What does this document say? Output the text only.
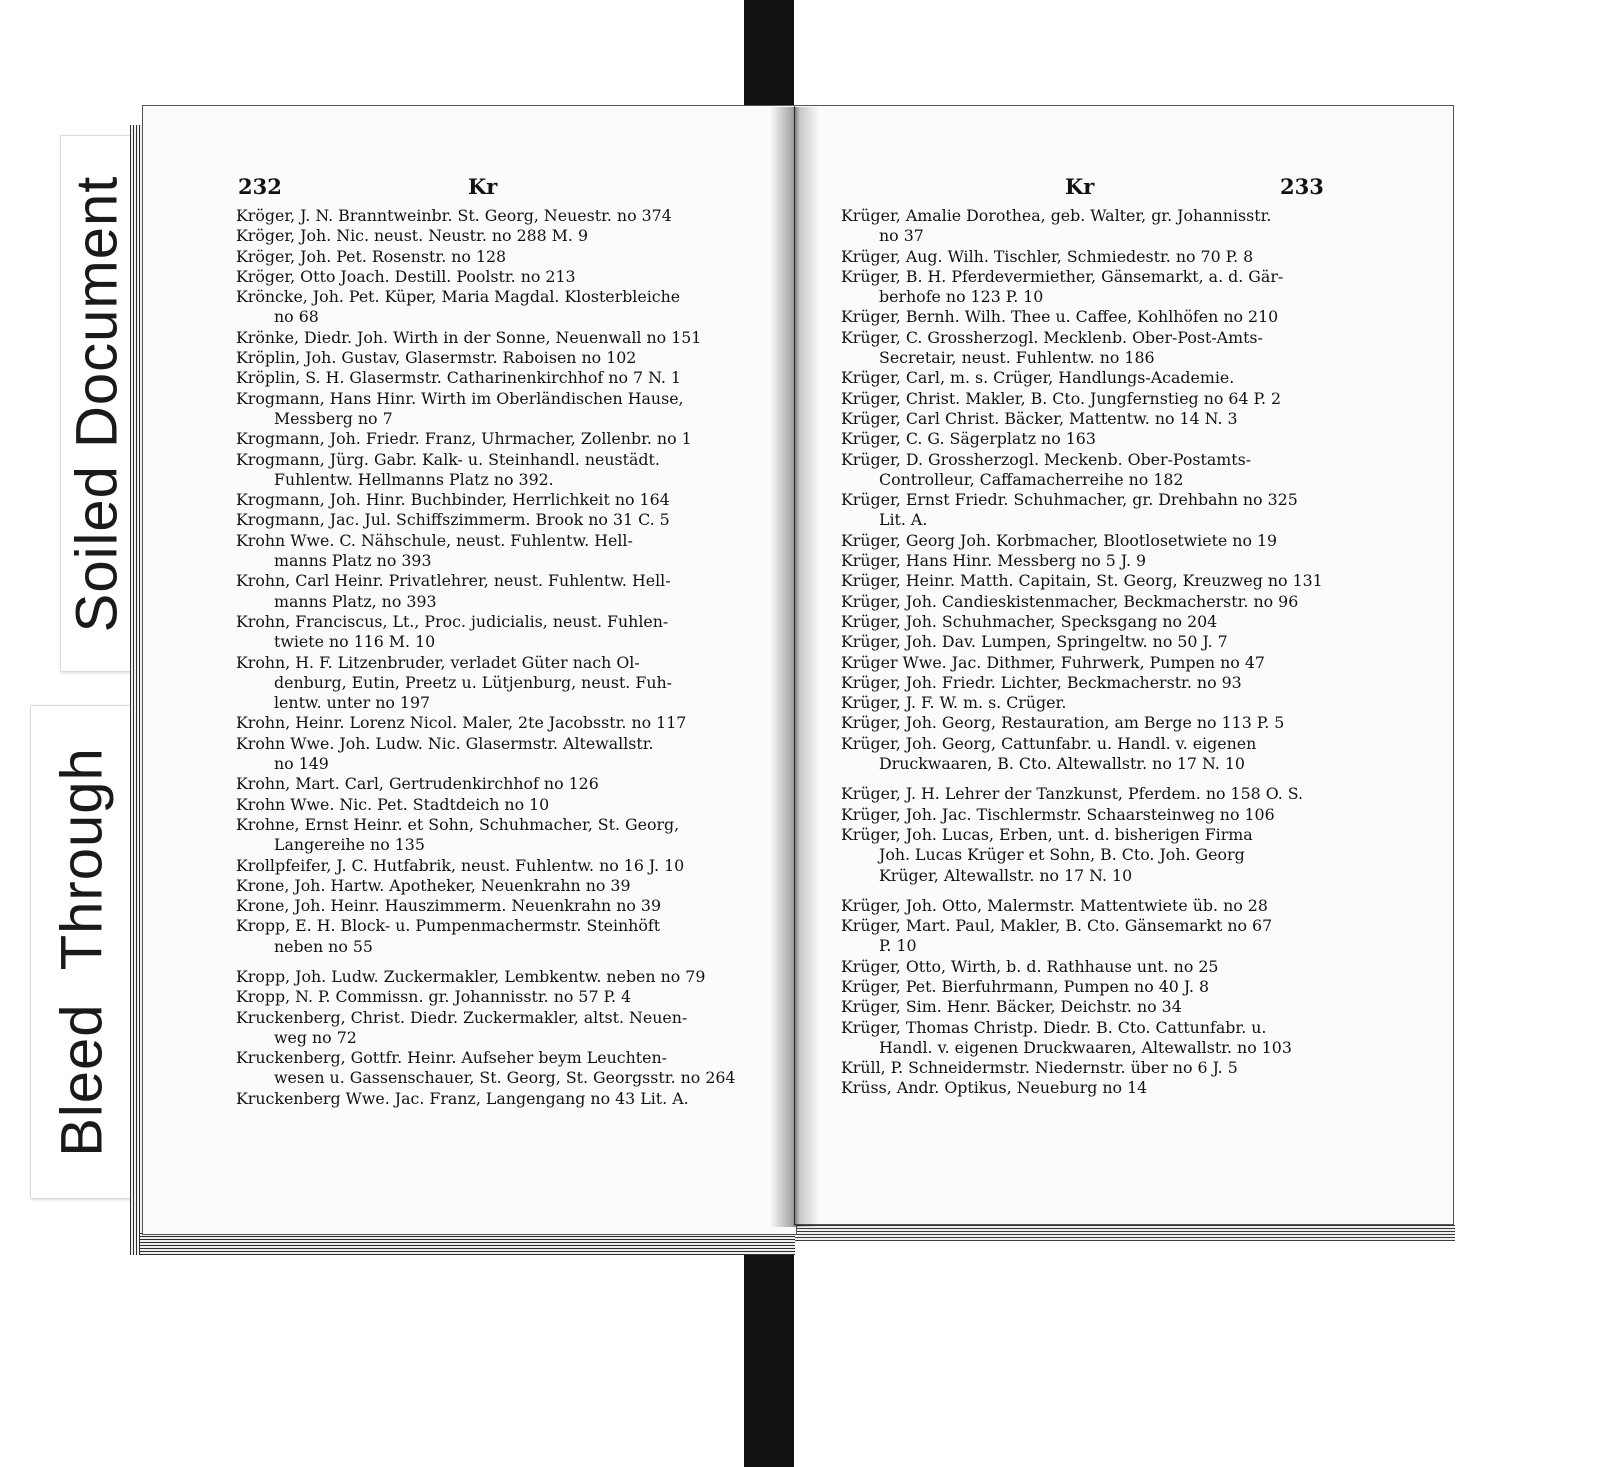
Soiled Document
Bleed  Through
232	Kr
Kröger, J. N. Branntweinbr. St. Georg, Neuestr. no 374
Kröger, Joh. Nic. neust. Neustr. no 288 M. 9
Kröger, Joh. Pet. Rosenstr. no 128
Kröger, Otto Joach. Destill. Poolstr. no 213
Kröncke, Joh. Pet. Küper, Maria Magdal. Klosterbleiche
no 68
Krönke, Diedr. Joh. Wirth in der Sonne, Neuenwall no 151
Kröplin, Joh. Gustav, Glasermstr. Raboisen no 102
Kröplin, S. H. Glasermstr. Catharinenkirchhof no 7 N. 1
Krogmann, Hans Hinr. Wirth im Oberländischen Hause,
Messberg no 7
Krogmann, Joh. Friedr. Franz, Uhrmacher, Zollenbr. no 1
Krogmann, Jürg. Gabr. Kalk- u. Steinhandl. neustädt.
Fuhlentw. Hellmanns Platz no 392.
Krogmann, Joh. Hinr. Buchbinder, Herrlichkeit no 164
Krogmann, Jac. Jul. Schiffszimmerm. Brook no 31 C. 5
Krohn Wwe. C. Nähschule, neust. Fuhlentw. Hell-
manns Platz no 393
Krohn, Carl Heinr. Privatlehrer, neust. Fuhlentw. Hell-
manns Platz, no 393
Krohn, Franciscus, Lt., Proc. judicialis, neust. Fuhlen-
twiete no 116 M. 10
Krohn, H. F. Litzenbruder, verladet Güter nach Ol-
denburg, Eutin, Preetz u. Lütjenburg, neust. Fuh-
lentw. unter no 197
Krohn, Heinr. Lorenz Nicol. Maler, 2te Jacobsstr. no 117
Krohn Wwe. Joh. Ludw. Nic. Glasermstr. Altewallstr.
no 149
Krohn, Mart. Carl, Gertrudenkirchhof no 126
Krohn Wwe. Nic. Pet. Stadtdeich no 10
Krohne, Ernst Heinr. et Sohn, Schuhmacher, St. Georg,
Langereihe no 135
Krollpfeifer, J. C. Hutfabrik, neust. Fuhlentw. no 16 J. 10
Krone, Joh. Hartw. Apotheker, Neuenkrahn no 39
Krone, Joh. Heinr. Hauszimmerm. Neuenkrahn no 39
Kropp, E. H. Block- u. Pumpenmachermstr. Steinhöft
neben no 55
Kropp, Joh. Ludw. Zuckermakler, Lembkentw. neben no 79
Kropp, N. P. Commissn. gr. Johannisstr. no 57 P. 4
Kruckenberg, Christ. Diedr. Zuckermakler, altst. Neuen-
weg no 72
Kruckenberg, Gottfr. Heinr. Aufseher beym Leuchten-
wesen u. Gassenschauer, St. Georg, St. Georgsstr. no 264
Kruckenberg Wwe. Jac. Franz, Langengang no 43 Lit. A.
Kr	233
Krüger, Amalie Dorothea, geb. Walter, gr. Johannisstr.
no 37
Krüger, Aug. Wilh. Tischler, Schmiedestr. no 70 P. 8
Krüger, B. H. Pferdevermiether, Gänsemarkt, a. d. Gär-
berhofe no 123 P. 10
Krüger, Bernh. Wilh. Thee u. Caffee, Kohlhöfen no 210
Krüger, C. Grossherzogl. Mecklenb. Ober-Post-Amts-
Secretair, neust. Fuhlentw. no 186
Krüger, Carl, m. s. Crüger, Handlungs-Academie.
Krüger, Christ. Makler, B. Cto. Jungfernstieg no 64 P. 2
Krüger, Carl Christ. Bäcker, Mattentw. no 14 N. 3
Krüger, C. G. Sägerplatz no 163
Krüger, D. Grossherzogl. Meckenb. Ober-Postamts-
Controlleur, Caffamacherreihe no 182
Krüger, Ernst Friedr. Schuhmacher, gr. Drehbahn no 325
Lit. A.
Krüger, Georg Joh. Korbmacher, Blootlosetwiete no 19
Krüger, Hans Hinr. Messberg no 5 J. 9
Krüger, Heinr. Matth. Capitain, St. Georg, Kreuzweg no 131
Krüger, Joh. Candieskistenmacher, Beckmacherstr. no 96
Krüger, Joh. Schuhmacher, Specksgang no 204
Krüger, Joh. Dav. Lumpen, Springeltw. no 50 J. 7
Krüger Wwe. Jac. Dithmer, Fuhrwerk, Pumpen no 47
Krüger, Joh. Friedr. Lichter, Beckmacherstr. no 93
Krüger, J. F. W. m. s. Crüger.
Krüger, Joh. Georg, Restauration, am Berge no 113 P. 5
Krüger, Joh. Georg, Cattunfabr. u. Handl. v. eigenen
Druckwaaren, B. Cto. Altewallstr. no 17 N. 10
Krüger, J. H. Lehrer der Tanzkunst, Pferdem. no 158 O. S.
Krüger, Joh. Jac. Tischlermstr. Schaarsteinweg no 106
Krüger, Joh. Lucas, Erben, unt. d. bisherigen Firma
Joh. Lucas Krüger et Sohn, B. Cto. Joh. Georg
Krüger, Altewallstr. no 17 N. 10
Krüger, Joh. Otto, Malermstr. Mattentwiete üb. no 28
Krüger, Mart. Paul, Makler, B. Cto. Gänsemarkt no 67
P. 10
Krüger, Otto, Wirth, b. d. Rathhause unt. no 25
Krüger, Pet. Bierfuhrmann, Pumpen no 40 J. 8
Krüger, Sim. Henr. Bäcker, Deichstr. no 34
Krüger, Thomas Christp. Diedr. B. Cto. Cattunfabr. u.
Handl. v. eigenen Druckwaaren, Altewallstr. no 103
Krüll, P. Schneidermstr. Niedernstr. über no 6 J. 5
Krüss, Andr. Optikus, Neueburg no 14
